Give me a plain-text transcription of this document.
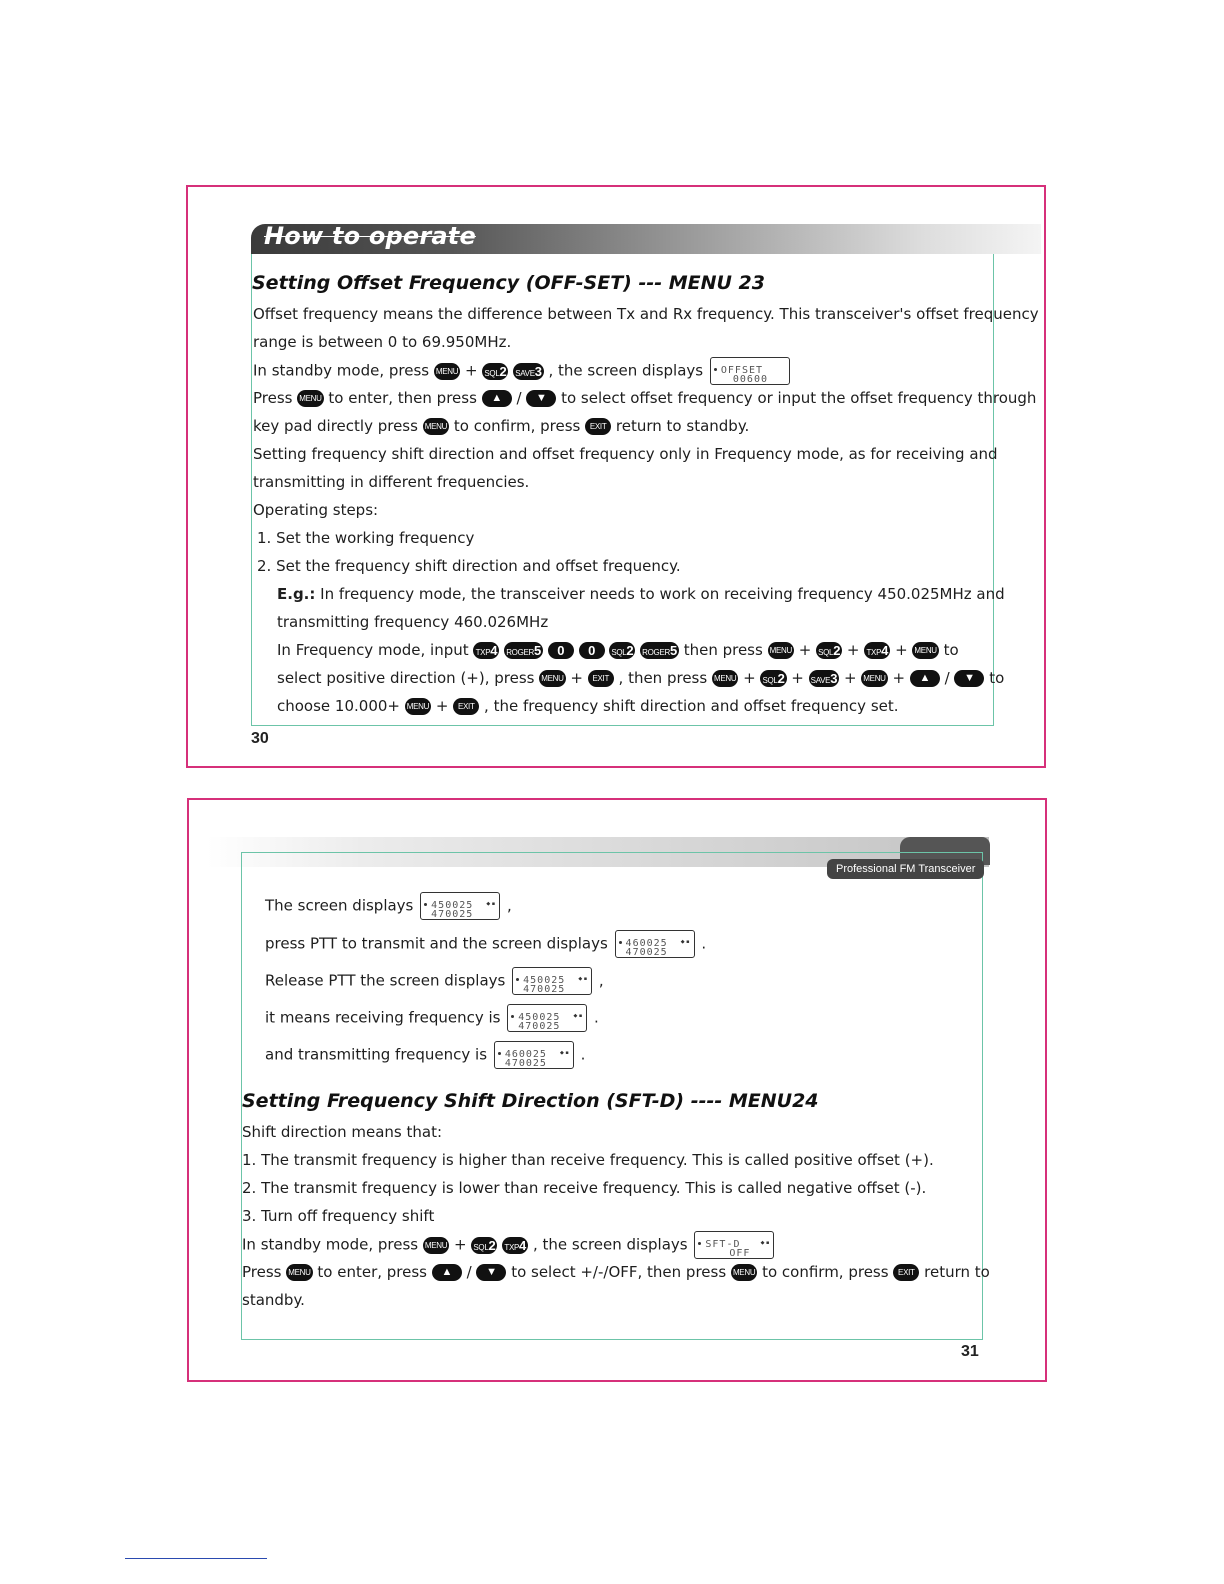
How to operate
Setting Offset Frequency (OFF-SET) --- MENU 23
Offset frequency means the difference between Tx and Rx frequency. This transceiver's offset frequency
range is between 0 to 69.950MHz.
In standby mode, press MENU + SQL2 SAVE3 , the screen displays OFFSET
00600
Press MENU to enter, then press ▲ / ▼ to select offset frequency or input the offset frequency through
key pad directly press MENU to confirm, press EXIT return to standby.
Setting frequency shift direction and offset frequency only in Frequency mode, as for receiving and
transmitting in different frequencies.
Operating steps:
1. Set the working frequency
2. Set the frequency shift direction and offset frequency.
E.g.: In frequency mode, the transceiver needs to work on receiving frequency 450.025MHz and
transmitting frequency 460.026MHz
In Frequency mode, input TXP4 ROGER5 0 0 SQL2 ROGER5 then press MENU + SQL2 + TXP4 + MENU to
select positive direction (+), press MENU + EXIT , then press MENU + SQL2 + SAVE3 + MENU + ▲ / ▼ to
choose 10.000+ MENU + EXIT , the frequency shift direction and offset frequency set.
30
Professional FM Transceiver
The screen displays	◆ ▪
450025
470025 ,
press PTT to transmit and the screen displays	◆ ▪
460025
470025 .
Release PTT the screen displays	◆ ▪
450025
470025 ,
it means receiving frequency is	◆ ▪
450025
470025 .
and transmitting frequency is	◆ ▪
460025
470025 .
Setting Frequency Shift Direction (SFT-D) ---- MENU24
Shift direction means that:
1. The transmit frequency is higher than receive frequency. This is called positive offset (+).
2. The transmit frequency is lower than receive frequency. This is called negative offset (-).
3. Turn off frequency shift
In standby mode, press MENU + SQL2 TXP4 , the screen displays	◆ ▪
SFT-D
OFF
Press MENU to enter, press ▲ / ▼ to select +/-/OFF, then press MENU to confirm, press EXIT return to
standby.
31
